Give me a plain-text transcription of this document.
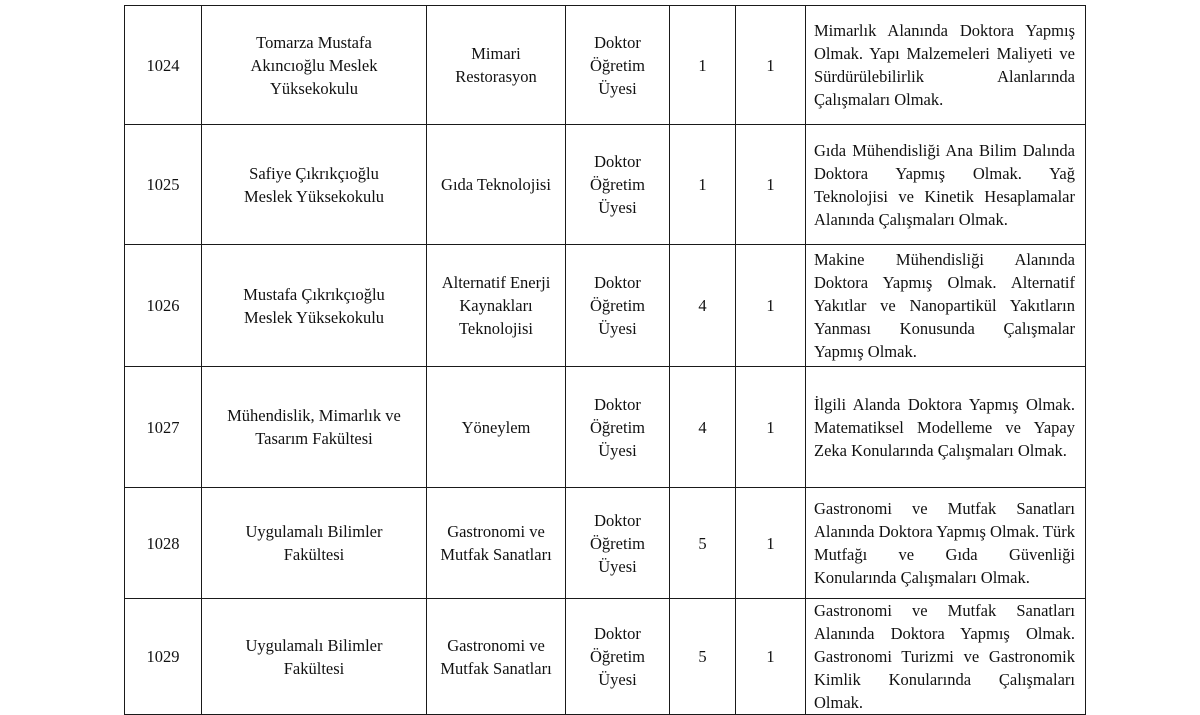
1024	Tomarza Mustafa Akıncıoğlu Meslek Yüksekokulu	Mimari Restorasyon	Doktor Öğretim Üyesi	1	1	Mimarlık Alanında Doktora Yapmış Olmak. Yapı Malzemeleri Maliyeti ve Sürdürülebilirlik Alanlarında Çalışmaları Olmak.
1025	Safiye Çıkrıkçıoğlu Meslek Yüksekokulu	Gıda Teknolojisi	Doktor Öğretim Üyesi	1	1	Gıda Mühendisliği Ana Bilim Dalında Doktora Yapmış Olmak. Yağ Teknolojisi ve Kinetik Hesaplamalar Alanında Çalışmaları Olmak.
1026	Mustafa Çıkrıkçıoğlu Meslek Yüksekokulu	Alternatif Enerji Kaynakları Teknolojisi	Doktor Öğretim Üyesi	4	1	Makine Mühendisliği Alanında Doktora Yapmış Olmak. Alternatif Yakıtlar ve Nanopartikül Yakıtların Yanması Konusunda Çalışmalar Yapmış Olmak.
1027	Mühendislik, Mimarlık ve Tasarım Fakültesi	Yöneylem	Doktor Öğretim Üyesi	4	1	İlgili Alanda Doktora Yapmış Olmak. Matematiksel Modelleme ve Yapay Zeka Konularında Çalışmaları Olmak.
1028	Uygulamalı Bilimler Fakültesi	Gastronomi ve Mutfak Sanatları	Doktor Öğretim Üyesi	5	1	Gastronomi ve Mutfak Sanatları Alanında Doktora Yapmış Olmak. Türk Mutfağı ve Gıda Güvenliği Konularında Çalışmaları Olmak.
1029	Uygulamalı Bilimler Fakültesi	Gastronomi ve Mutfak Sanatları	Doktor Öğretim Üyesi	5	1	Gastronomi ve Mutfak Sanatları Alanında Doktora Yapmış Olmak. Gastronomi Turizmi ve Gastronomik Kimlik Konularında Çalışmaları Olmak.
